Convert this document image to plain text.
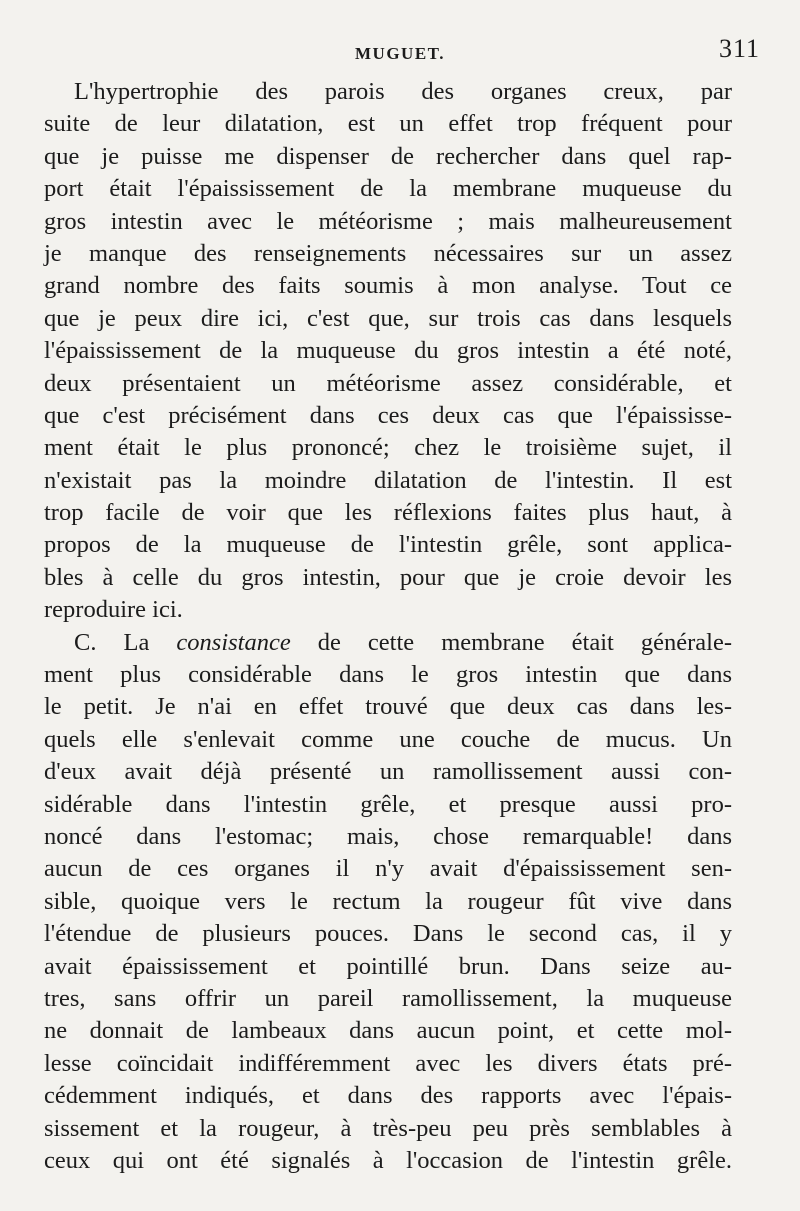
MUGUET.	311
L'hypertrophie des parois des organes creux, par
suite de leur dilatation, est un effet trop fréquent pour
que je puisse me dispenser de rechercher dans quel rap-
port était l'épaississement de la membrane muqueuse du
gros intestin avec le météorisme ; mais malheureusement
je manque des renseignements nécessaires sur un assez
grand nombre des faits soumis à mon analyse. Tout ce
que je peux dire ici, c'est que, sur trois cas dans lesquels
l'épaississement de la muqueuse du gros intestin a été noté,
deux présentaient un météorisme assez considérable, et
que c'est précisément dans ces deux cas que l'épaississe-
ment était le plus prononcé; chez le troisième sujet, il
n'existait pas la moindre dilatation de l'intestin. Il est
trop facile de voir que les réflexions faites plus haut, à
propos de la muqueuse de l'intestin grêle, sont applica-
bles à celle du gros intestin, pour que je croie devoir les
reproduire ici.
C. La consistance de cette membrane était générale-
ment plus considérable dans le gros intestin que dans
le petit. Je n'ai en effet trouvé que deux cas dans les-
quels elle s'enlevait comme une couche de mucus. Un
d'eux avait déjà présenté un ramollissement aussi con-
sidérable dans l'intestin grêle, et presque aussi pro-
noncé dans l'estomac; mais, chose remarquable! dans
aucun de ces organes il n'y avait d'épaississement sen-
sible, quoique vers le rectum la rougeur fût vive dans
l'étendue de plusieurs pouces. Dans le second cas, il y
avait épaississement et pointillé brun. Dans seize au-
tres, sans offrir un pareil ramollissement, la muqueuse
ne donnait de lambeaux dans aucun point, et cette mol-
lesse coïncidait indifféremment avec les divers états pré-
cédemment indiqués, et dans des rapports avec l'épais-
sissement et la rougeur, à très-peu peu près semblables à
ceux qui ont été signalés à l'occasion de l'intestin grêle.
